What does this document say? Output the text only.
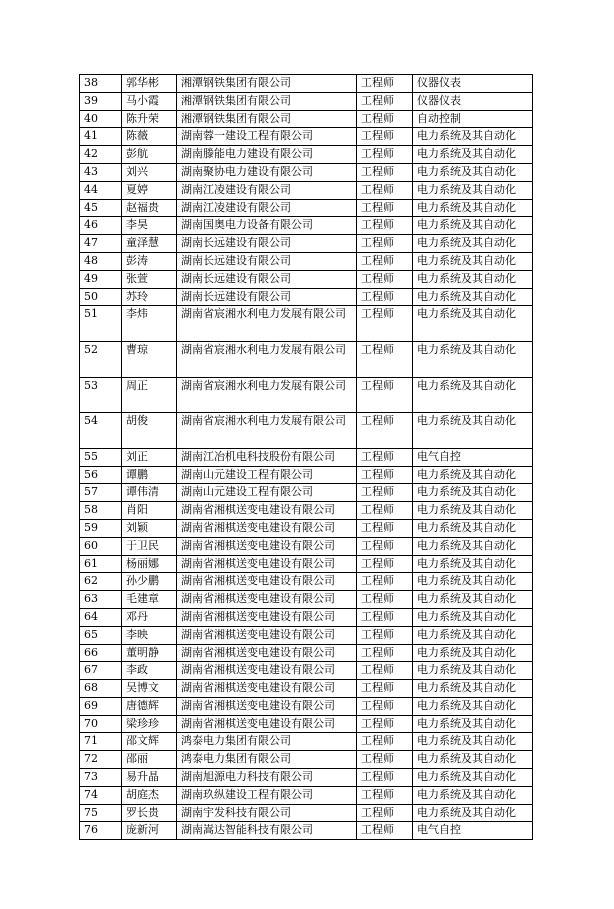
38	郭华彬	湘潭钢铁集团有限公司	工程师	仪器仪表
39	马小霞	湘潭钢铁集团有限公司	工程师	仪器仪表
40	陈升荣	湘潭钢铁集团有限公司	工程师	自动控制
41	陈薇	湖南蓉一建设工程有限公司	工程师	电力系统及其自动化
42	彭航	湖南滕能电力建设有限公司	工程师	电力系统及其自动化
43	刘兴	湖南聚协电力建设有限公司	工程师	电力系统及其自动化
44	夏婷	湖南江凌建设有限公司	工程师	电力系统及其自动化
45	赵福贵	湖南江凌建设有限公司	工程师	电力系统及其自动化
46	李昊	湖南国奥电力设备有限公司	工程师	电力系统及其自动化
47	童泽慧	湖南长远建设有限公司	工程师	电力系统及其自动化
48	彭涛	湖南长远建设有限公司	工程师	电力系统及其自动化
49	张萱	湖南长远建设有限公司	工程师	电力系统及其自动化
50	苏玲	湖南长远建设有限公司	工程师	电力系统及其自动化
51	李炜	湖南省宸湘水利电力发展有限公司	工程师	电力系统及其自动化
52	曹琼	湖南省宸湘水利电力发展有限公司	工程师	电力系统及其自动化
53	周正	湖南省宸湘水利电力发展有限公司	工程师	电力系统及其自动化
54	胡俊	湖南省宸湘水利电力发展有限公司	工程师	电力系统及其自动化
55	刘正	湖南江冶机电科技股份有限公司	工程师	电气自控
56	谭鹏	湖南山元建设工程有限公司	工程师	电力系统及其自动化
57	谭伟清	湖南山元建设工程有限公司	工程师	电力系统及其自动化
58	肖阳	湖南省湘棋送变电建设有限公司	工程师	电力系统及其自动化
59	刘颖	湖南省湘棋送变电建设有限公司	工程师	电力系统及其自动化
60	于卫民	湖南省湘棋送变电建设有限公司	工程师	电力系统及其自动化
61	杨丽娜	湖南省湘棋送变电建设有限公司	工程师	电力系统及其自动化
62	孙少鹏	湖南省湘棋送变电建设有限公司	工程师	电力系统及其自动化
63	毛建章	湖南省湘棋送变电建设有限公司	工程师	电力系统及其自动化
64	邓丹	湖南省湘棋送变电建设有限公司	工程师	电力系统及其自动化
65	李映	湖南省湘棋送变电建设有限公司	工程师	电力系统及其自动化
66	董明静	湖南省湘棋送变电建设有限公司	工程师	电力系统及其自动化
67	李政	湖南省湘棋送变电建设有限公司	工程师	电力系统及其自动化
68	吴博文	湖南省湘棋送变电建设有限公司	工程师	电力系统及其自动化
69	唐德辉	湖南省湘棋送变电建设有限公司	工程师	电力系统及其自动化
70	梁珍珍	湖南省湘棋送变电建设有限公司	工程师	电力系统及其自动化
71	邵文辉	鸿泰电力集团有限公司	工程师	电力系统及其自动化
72	邵丽	鸿泰电力集团有限公司	工程师	电力系统及其自动化
73	易升晶	湖南旭源电力科技有限公司	工程师	电力系统及其自动化
74	胡庭杰	湖南玖纵建设工程有限公司	工程师	电力系统及其自动化
75	罗长贵	湖南宇发科技有限公司	工程师	电力系统及其自动化
76	庞新河	湖南嵩达智能科技有限公司	工程师	电气自控
